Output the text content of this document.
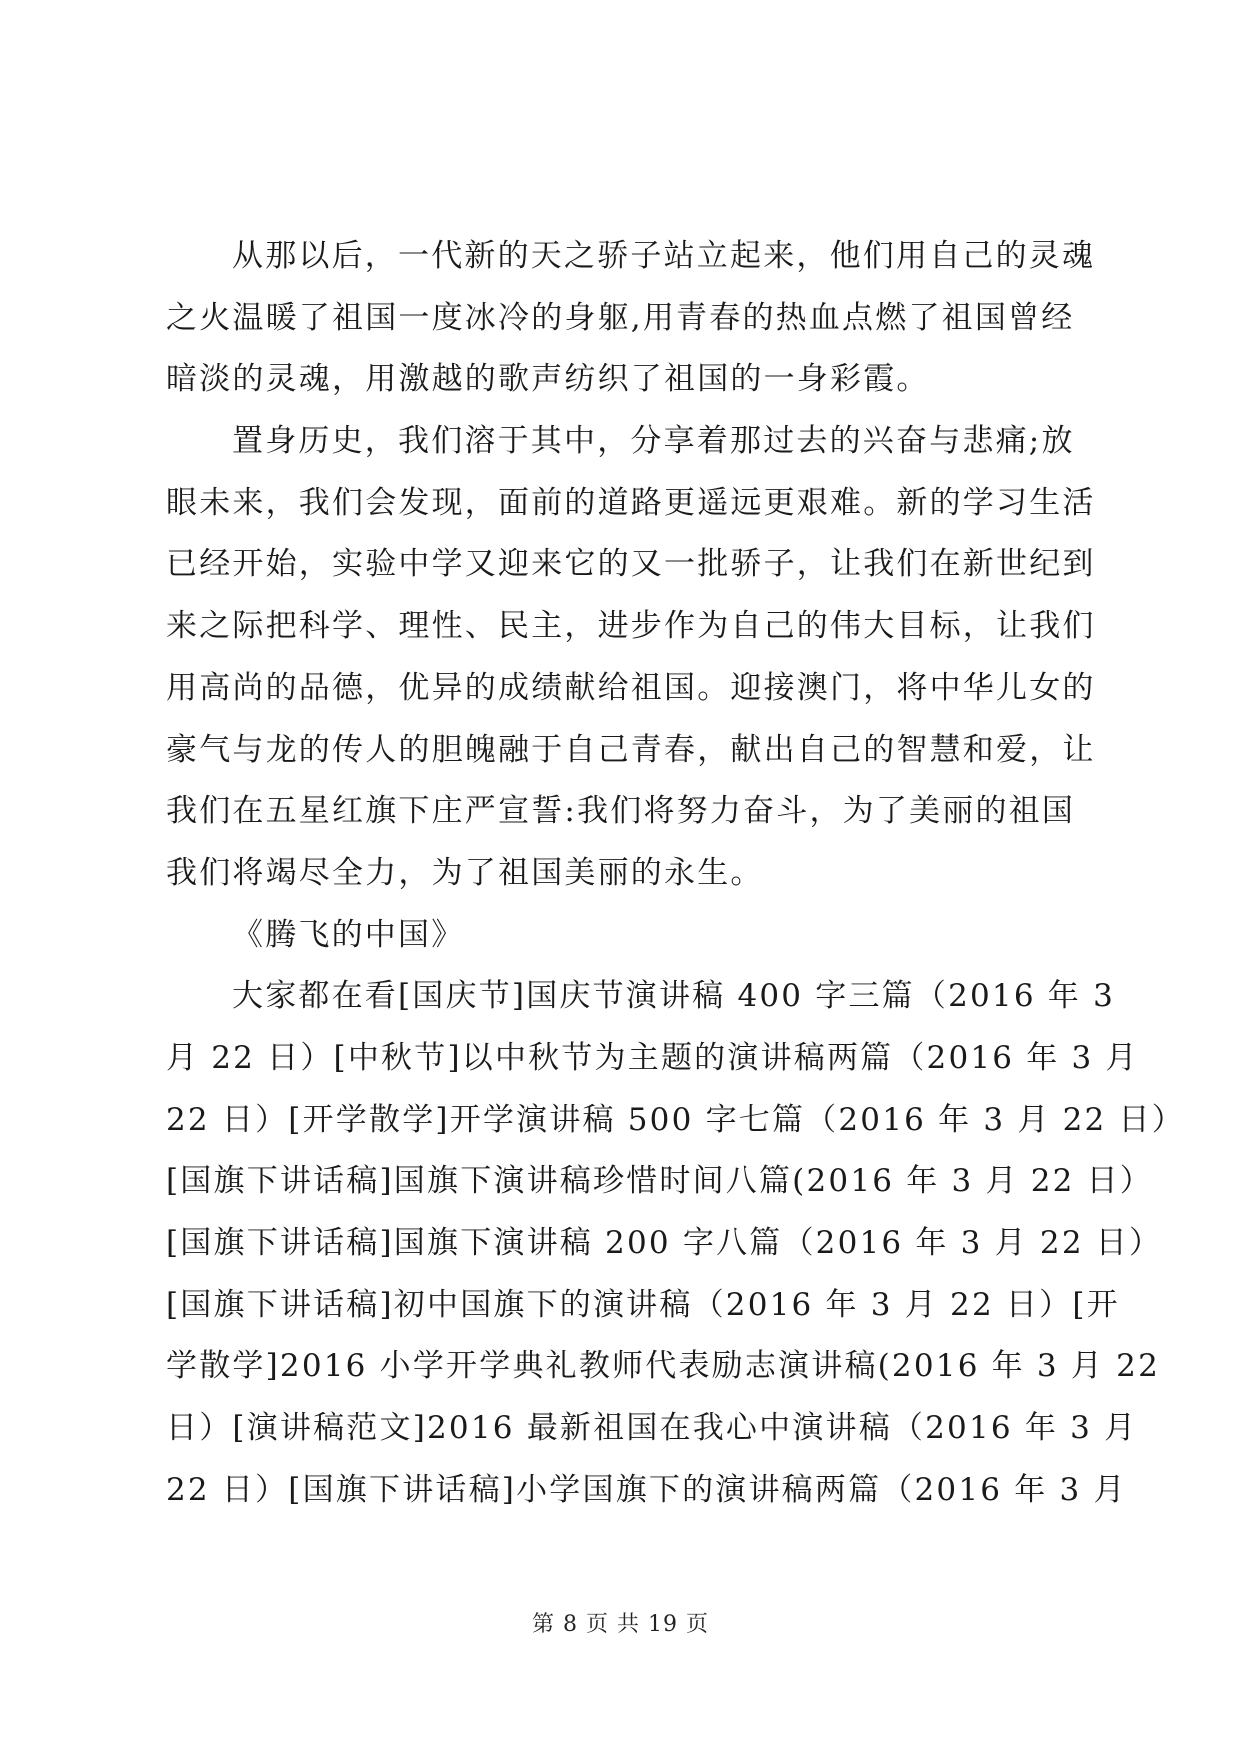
从那以后，一代新的天之骄子站立起来，他们用自己的灵魂
之火温暖了祖国一度冰冷的身躯,用青春的热血点燃了祖国曾经
暗淡的灵魂，用激越的歌声纺织了祖国的一身彩霞。
置身历史，我们溶于其中，分享着那过去的兴奋与悲痛;放
眼未来，我们会发现，面前的道路更遥远更艰难。新的学习生活
已经开始，实验中学又迎来它的又一批骄子，让我们在新世纪到
来之际把科学、理性、民主，进步作为自己的伟大目标，让我们
用高尚的品德，优异的成绩献给祖国。迎接澳门，将中华儿女的
豪气与龙的传人的胆魄融于自己青春，献出自己的智慧和爱，让
我们在五星红旗下庄严宣誓:我们将努力奋斗，为了美丽的祖国
我们将竭尽全力，为了祖国美丽的永生。
《腾飞的中国》
大家都在看[国庆节]国庆节演讲稿 400 字三篇（2016 年 3
月 22 日）[中秋节]以中秋节为主题的演讲稿两篇（2016 年 3 月
22 日）[开学散学]开学演讲稿 500 字七篇（2016 年 3 月 22 日）
[国旗下讲话稿]国旗下演讲稿珍惜时间八篇(2016 年 3 月 22 日）
[国旗下讲话稿]国旗下演讲稿 200 字八篇（2016 年 3 月 22 日）
[国旗下讲话稿]初中国旗下的演讲稿（2016 年 3 月 22 日）[开
学散学]2016 小学开学典礼教师代表励志演讲稿(2016 年 3 月 22
日）[演讲稿范文]2016 最新祖国在我心中演讲稿（2016 年 3 月
22 日）[国旗下讲话稿]小学国旗下的演讲稿两篇（2016 年 3 月
第 8 页 共 19 页
